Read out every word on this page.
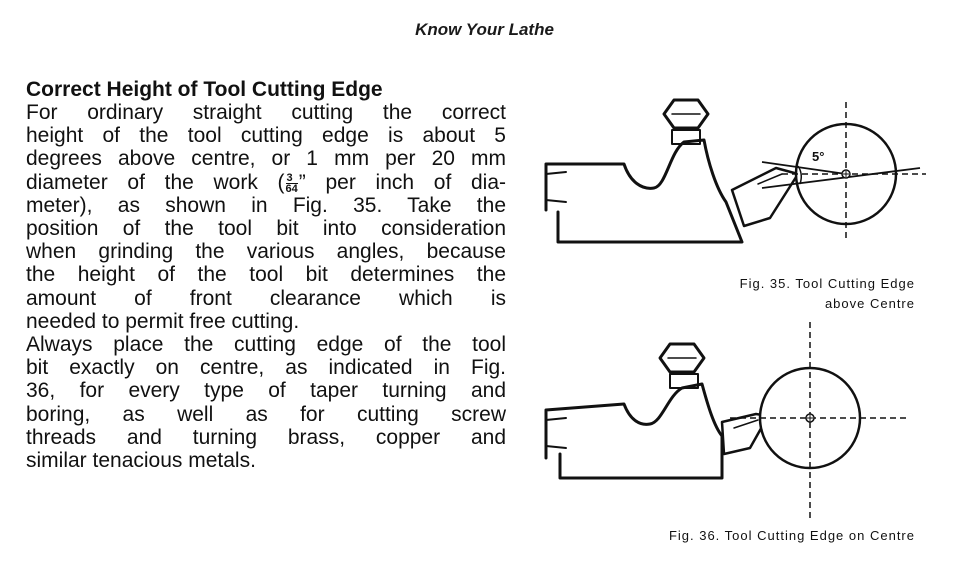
Know Your Lathe
Correct Height of Tool Cutting Edge

For ordinary straight cutting the correct
height of the tool cutting edge is about 5
degrees above centre, or 1 mm per 20 mm
diameter of the work ( $\frac{3}{64}$ ” per inch of dia-
meter), as shown in Fig. 35. Take the
position of the tool bit into consideration
when grinding the various angles, because
the height of the tool bit determines the
amount of front clearance which is
needed to permit free cutting.

Always place the cutting edge of the tool
bit exactly on centre, as indicated in Fig.
36, for every type of taper turning and
boring, as well as for cutting screw
threads and turning brass, copper and
similar tenacious metals.

5°
Fig. 35. Tool Cutting Edge
above Centre
Fig. 36. Tool Cutting Edge on Centre
